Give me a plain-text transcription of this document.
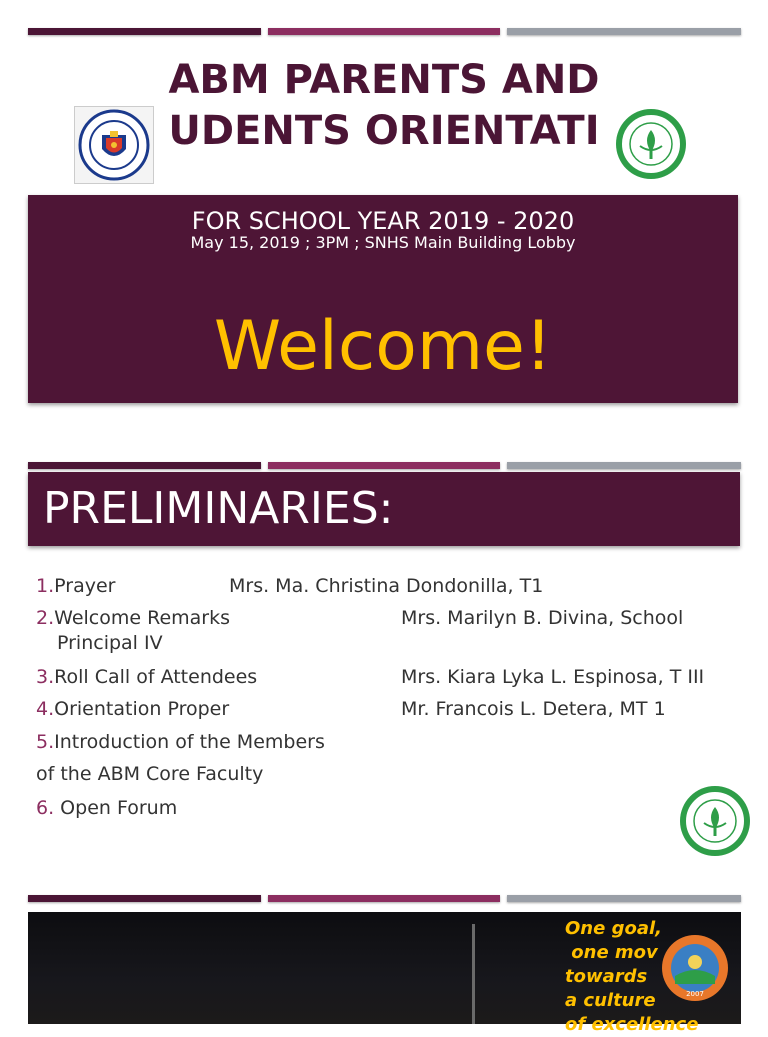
ABM PARENTS AND
UDENTS ORIENTATI
FOR SCHOOL YEAR 2019 - 2020
May 15, 2019 ; 3PM ; SNHS Main Building Lobby
Welcome!
PRELIMINARIES:
1.Prayer	Mrs. Ma. Christina Dondonilla, T1
2.Welcome Remarks	Mrs. Marilyn B. Divina, School
Principal IV
3.Roll Call of Attendees	Mrs. Kiara Lyka L. Espinosa, T III
4.Orientation Proper	Mr. Francois L. Detera, MT 1
5.Introduction of the Members
of the ABM Core Faculty
6. Open Forum
One goal,
one mov
towards
a culture
of excellence
2007
